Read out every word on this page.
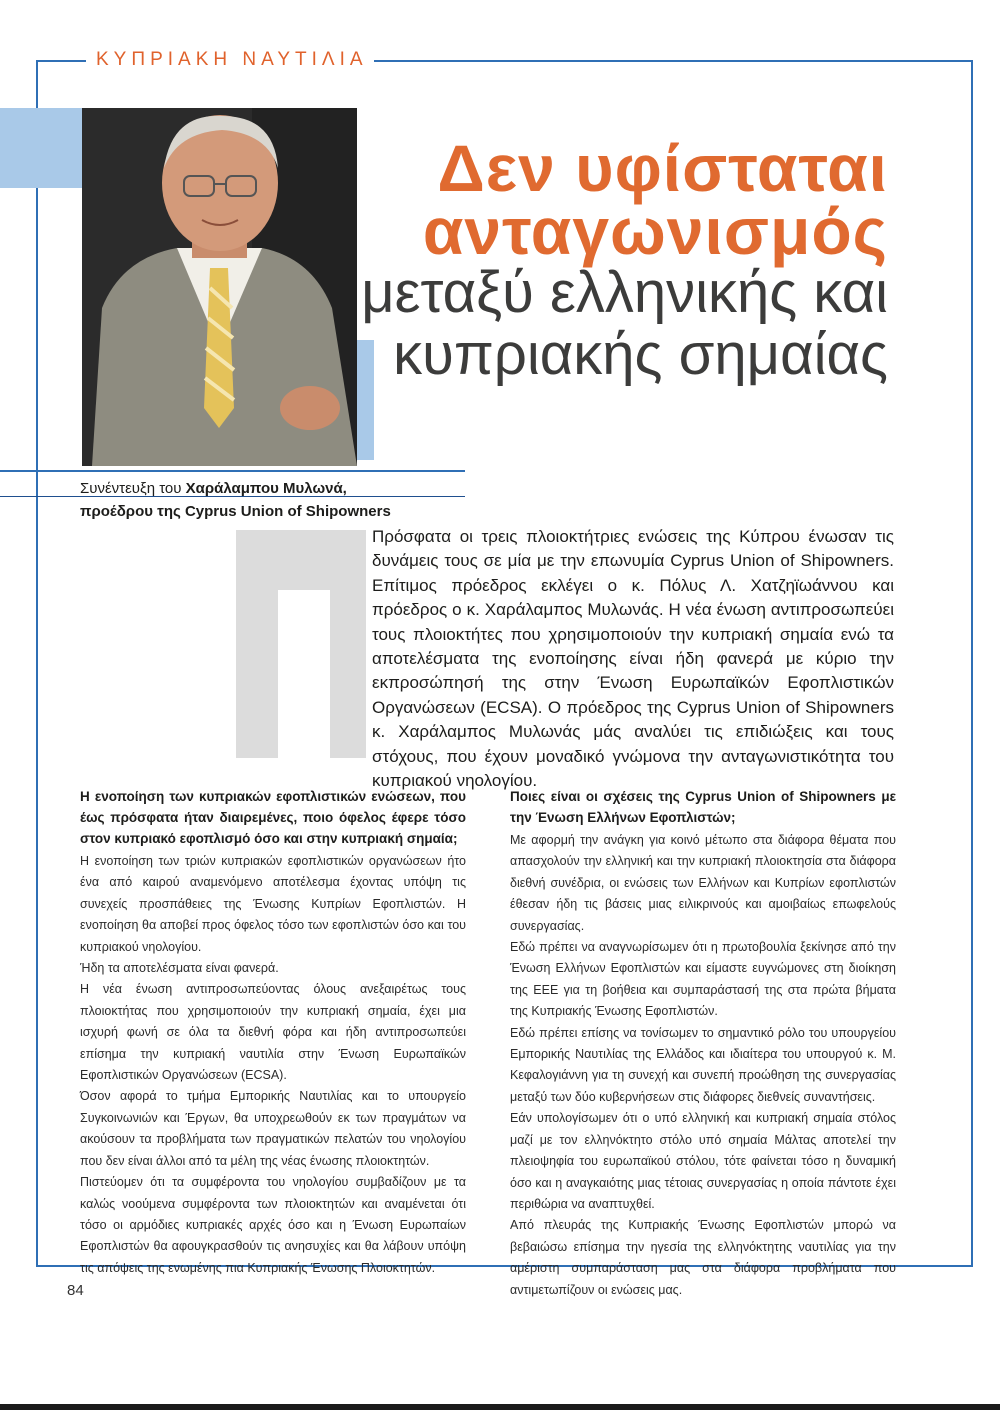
ΚΥΠΡΙΑΚΗ ΝΑΥΤΙΛΙΑ
Δεν υφίσταται
ανταγωνισμός
μεταξύ ελληνικής και
κυπριακής σημαίας
Συνέντευξη του Χαράλαμπου Μυλωνά,
προέδρου της Cyprus Union of Shipowners
Πρόσφατα οι τρεις πλοιοκτήτριες ενώσεις της Κύπρου ένωσαν τις δυνάμεις τους σε μία με την επωνυμία Cyprus Union of Shipowners. Επίτιμος πρόεδρος εκλέγει ο κ. Πόλυς Λ. Χατζηϊωάννου και πρόεδρος ο κ. Χαράλαμπος Μυλωνάς. Η νέα ένωση αντιπροσωπεύει τους πλοιοκτήτες που χρησιμοποιούν την κυπριακή σημαία ενώ τα αποτελέσματα της ενοποίησης είναι ήδη φανερά με κύριο την εκπροσώπησή της στην Ένωση Ευρωπαϊκών Εφοπλιστικών Οργανώσεων (ECSA). Ο πρόεδρος της Cyprus Union of Shipowners κ. Χαράλαμπος Μυλωνάς μάς αναλύει τις επιδιώξεις και τους στόχους, που έχουν μοναδικό γνώμονα την ανταγωνιστικότητα του κυπριακού νηολογίου.

Η ενοποίηση των κυπριακών εφοπλιστικών ενώσεων, που έως πρόσφατα ήταν διαιρεμένες, ποιο όφελος έφερε τόσο στον κυπριακό εφοπλισμό όσο και στην κυπριακή σημαία;

Η ενοποίηση των τριών κυπριακών εφοπλιστικών οργανώσεων ήτο ένα από καιρού αναμενόμενο αποτέλεσμα έχοντας υπόψη τις συνεχείς προσπάθειες της Ένωσης Κυπρίων Εφοπλιστών. Η ενοποίηση θα αποβεί προς όφελος τόσο των εφοπλιστών όσο και του κυπριακού νηολογίου.

Ήδη τα αποτελέσματα είναι φανερά.

Η νέα ένωση αντιπροσωπεύοντας όλους ανεξαιρέτως τους πλοιοκτήτας που χρησιμοποιούν την κυπριακή σημαία, έχει μια ισχυρή φωνή σε όλα τα διεθνή φόρα και ήδη αντιπροσωπεύει επίσημα την κυπριακή ναυτιλία στην Ένωση Ευρωπαϊκών Εφοπλιστικών Οργανώσεων (ECSA).

Όσον αφορά το τμήμα Εμπορικής Ναυτιλίας και το υπουργείο Συγκοινωνιών και Έργων, θα υποχρεωθούν εκ των πραγμάτων να ακούσουν τα προβλήματα των πραγματικών πελατών του νηολογίου που δεν είναι άλλοι από τα μέλη της νέας ένωσης πλοιοκτητών.

Πιστεύομεν ότι τα συμφέροντα του νηολογίου συμβαδίζουν με τα καλώς νοούμενα συμφέροντα των πλοιοκτητών και αναμένεται ότι τόσο οι αρμόδιες κυπριακές αρχές όσο και η Ένωση Ευρωπαίων Εφοπλιστών θα αφουγκρασθούν τις ανησυχίες και θα λάβουν υπόψη τις απόψεις της ενωμένης πια Κυπριακής Ένωσης Πλοιοκτητών.

Ποιες είναι οι σχέσεις της Cyprus Union of Shipowners με την Ένωση Ελλήνων Εφοπλιστών;

Με αφορμή την ανάγκη για κοινό μέτωπο στα διάφορα θέματα που απασχολούν την ελληνική και την κυπριακή πλοιοκτησία στα διάφορα διεθνή συνέδρια, οι ενώσεις των Ελλήνων και Κυπρίων εφοπλιστών έθεσαν ήδη τις βάσεις μιας ειλικρινούς και αμοιβαίως επωφελούς συνεργασίας.

Εδώ πρέπει να αναγνωρίσωμεν ότι η πρωτοβουλία ξεκίνησε από την Ένωση Ελλήνων Εφοπλιστών και είμαστε ευγνώμονες στη διοίκηση της ΕΕΕ για τη βοήθεια και συμπαράστασή της στα πρώτα βήματα της Κυπριακής Ένωσης Εφοπλιστών.

Εδώ πρέπει επίσης να τονίσωμεν το σημαντικό ρόλο του υπουργείου Εμπορικής Ναυτιλίας της Ελλάδος και ιδιαίτερα του υπουργού κ. Μ. Κεφαλογιάννη για τη συνεχή και συνεπή προώθηση της συνεργασίας μεταξύ των δύο κυβερνήσεων στις διάφορες διεθνείς συναντήσεις.

Εάν υπολογίσωμεν ότι ο υπό ελληνική και κυπριακή σημαία στόλος μαζί με τον ελληνόκτητο στόλο υπό σημαία Μάλτας αποτελεί την πλειοψηφία του ευρωπαϊκού στόλου, τότε φαίνεται τόσο η δυναμική όσο και η αναγκαιότης μιας τέτοιας συνεργασίας η οποία πάντοτε έχει περιθώρια να αναπτυχθεί.

Από πλευράς της Κυπριακής Ένωσης Εφοπλιστών μπορώ να βεβαιώσω επίσημα την ηγεσία της ελληνόκτητης ναυτιλίας για την αμέριστη συμπαράσταση μας στα διάφορα προβλήματα που αντιμετωπίζουν οι ενώσεις μας.

84
